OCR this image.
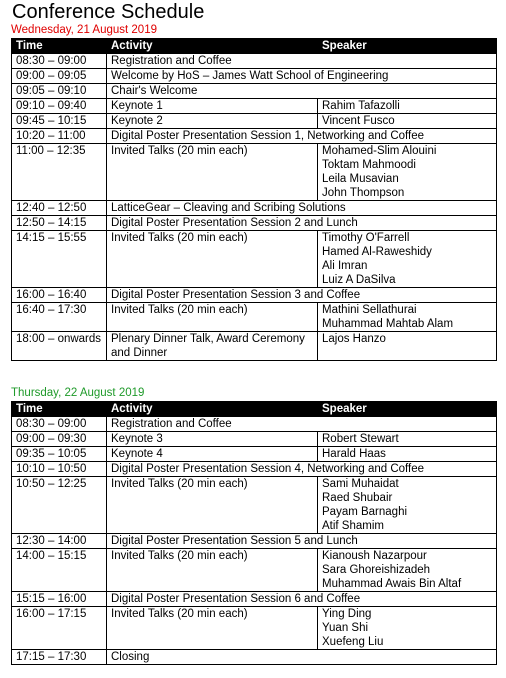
Conference Schedule
Wednesday, 21 August 2019
Time	Activity	Speaker
08:30 – 09:00	Registration and Coffee	
09:00 – 09:05	Welcome by HoS – James Watt School of Engineering	
09:05 – 09:10	Chair's Welcome	
09:10 – 09:40	Keynote 1	Rahim Tafazolli

09:45 – 10:15	Keynote 2	Vincent Fusco

10:20 – 11:00	Digital Poster Presentation Session 1, Networking and Coffee	
11:00 – 12:35	Invited Talks (20 min each)	Mohamed-Slim Alouini
Toktam Mahmoodi
Leila Musavian
John Thompson

12:40 – 12:50	LatticeGear – Cleaving and Scribing Solutions	
12:50 – 14:15	Digital Poster Presentation Session 2 and Lunch	
14:15 – 15:55	Invited Talks (20 min each)	Timothy O'Farrell
Hamed Al-Raweshidy
Ali Imran
Luiz A DaSilva

16:00 – 16:40	Digital Poster Presentation Session 3 and Coffee	
16:40 – 17:30	Invited Talks (20 min each)	Mathini Sellathurai
Muhammad Mahtab Alam

18:00 – onwards	Plenary Dinner Talk, Award Ceremony and Dinner	Lajos Hanzo
Thursday, 22 August 2019
Time	Activity	Speaker
08:30 – 09:00	Registration and Coffee	
09:00 – 09:30	Keynote 3	Robert Stewart

09:35 – 10:05	Keynote 4	Harald Haas

10:10 – 10:50	Digital Poster Presentation Session 4, Networking and Coffee	
10:50 – 12:25	Invited Talks (20 min each)	Sami Muhaidat
Raed Shubair
Payam Barnaghi
Atif Shamim

12:30 – 14:00	Digital Poster Presentation Session 5 and Lunch	
14:00 – 15:15	Invited Talks (20 min each)	Kianoush Nazarpour
Sara Ghoreishizadeh
Muhammad Awais Bin Altaf

15:15 – 16:00	Digital Poster Presentation Session 6 and Coffee	
16:00 – 17:15	Invited Talks (20 min each)	Ying Ding
Yuan Shi
Xuefeng Liu

17:15 – 17:30	Closing	
